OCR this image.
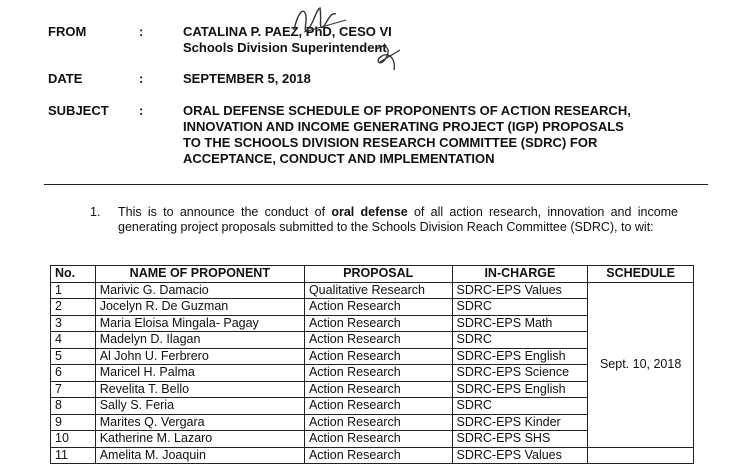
FROM	:	CATALINA P. PAEZ, PhD, CESO VI
Schools Division Superintendent
DATE	:	SEPTEMBER 5, 2018
SUBJECT :	ORAL DEFENSE SCHEDULE OF PROPONENTS OF ACTION RESEARCH,
INNOVATION AND INCOME GENERATING PROJECT (IGP) PROPOSALS
TO THE SCHOOLS DIVISION RESEARCH COMMITTEE (SDRC) FOR
ACCEPTANCE, CONDUCT AND IMPLEMENTATION
1. This is to announce the conduct of oral defense of all action research, innovation and income generating project proposals submitted to the Schools Division Reach Committee (SDRC), to wit:
No.	NAME OF PROPONENT	PROPOSAL	IN-CHARGE	SCHEDULE
1	Marivic G. Damacio	Qualitative Research	SDRC-EPS Values	Sept. 10, 2018
2	Jocelyn R. De Guzman	Action Research	SDRC	
3	Maria Eloisa Mingala- Pagay	Action Research	SDRC-EPS Math	
4	Madelyn D. Ilagan	Action Research	SDRC	
5	Al John U. Ferbrero	Action Research	SDRC-EPS English	
6	Maricel H. Palma	Action Research	SDRC-EPS Science	
7	Revelita T. Bello	Action Research	SDRC-EPS English	
8	Sally S. Feria	Action Research	SDRC	
9	Marites Q. Vergara	Action Research	SDRC-EPS Kinder	
10	Katherine M. Lazaro	Action Research	SDRC-EPS SHS	
11	Amelita M. Joaquin	Action Research	SDRC-EPS Values	
